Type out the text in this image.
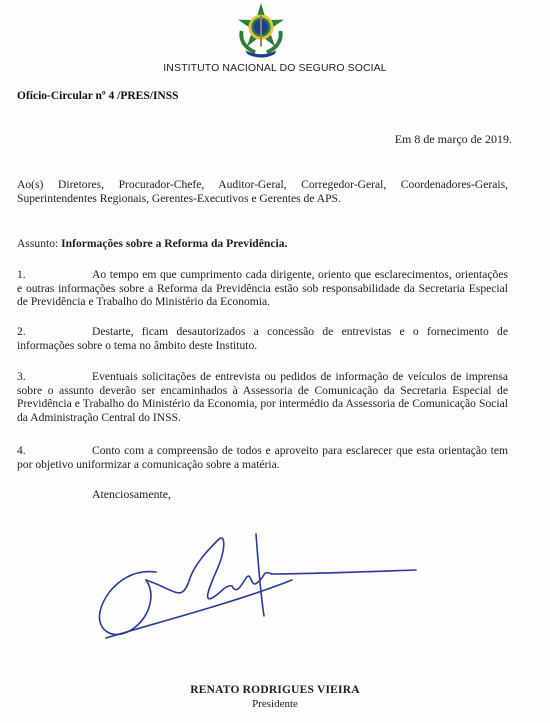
INSTITUTO NACIONAL DO SEGURO SOCIAL
Ofício-Circular nº 4 /PRES/INSS
Em 8 de março de 2019.
Ao(s) Diretores, Procurador-Chefe, Auditor-Geral, Corregedor-Geral, Coordenadores-Gerais, Superintendentes Regionais, Gerentes-Executivos e Gerentes de APS.
Assunto: Informações sobre a Reforma da Previdência.
1.	Ao tempo em que cumprimento cada dirigente, oriento que esclarecimentos, orientações e outras informações sobre a Reforma da Previdência estão sob responsabilidade da Secretaria Especial de Previdência e Trabalho do Ministério da Economia.
2.	Destarte, ficam desautorizados a concessão de entrevistas e o fornecimento de informações sobre o tema no âmbito deste Instituto.
3.	Eventuais solicitações de entrevista ou pedidos de informação de veículos de imprensa sobre o assunto deverão ser encaminhados à Assessoria de Comunicação da Secretaria Especial de Previdência e Trabalho do Ministério da Economia, por intermédio da Assessoria de Comunicação Social da Administração Central do INSS.
4.	Conto com a compreensão de todos e aproveito para esclarecer que esta orientação tem por objetivo uniformizar a comunicação sobre a matéria.
Atenciosamente,
RENATO RODRIGUES VIEIRA
Presidente
